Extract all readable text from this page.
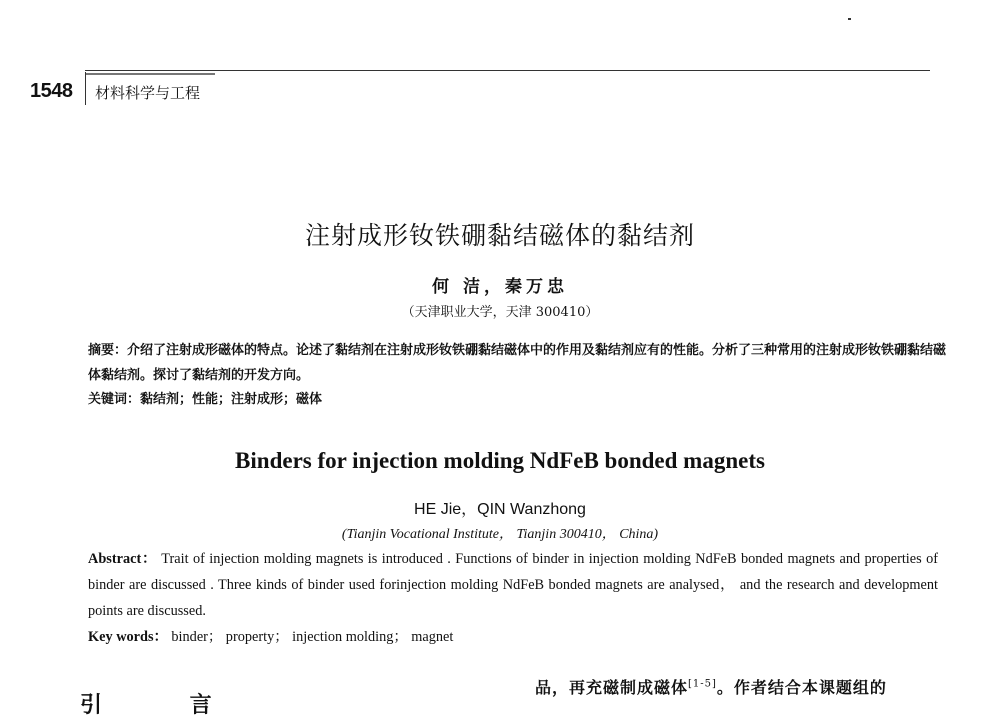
1548 材料科学与工程
注射成形钕铁硼黏结磁体的黏结剂
何 洁，秦万忠
（天津职业大学，天津 300410）
摘要：介绍了注射成形磁体的特点。论述了黏结剂在注射成形钕铁硼黏结磁体中的作用及黏结剂应有的性能。分析了三种常用的注射成形钕铁硼黏结磁体黏结剂。探讨了黏结剂的开发方向。
关键词：黏结剂；性能；注射成形；磁体
Binders for injection molding NdFeB bonded magnets
HE Jie，QIN Wanzhong
(Tianjin Vocational Institute， Tianjin 300410， China)
Abstract： Trait of injection molding magnets is introduced . Functions of binder in injection molding NdFeB bonded magnets and properties of binder are discussed . Three kinds of binder used forinjection molding NdFeB bonded magnets are analysed， and the research and development points are discussed.
Key words： binder； property； injection molding； magnet
引 言
品，再充磁制成磁体[1-5]。作者结合本课题组的
